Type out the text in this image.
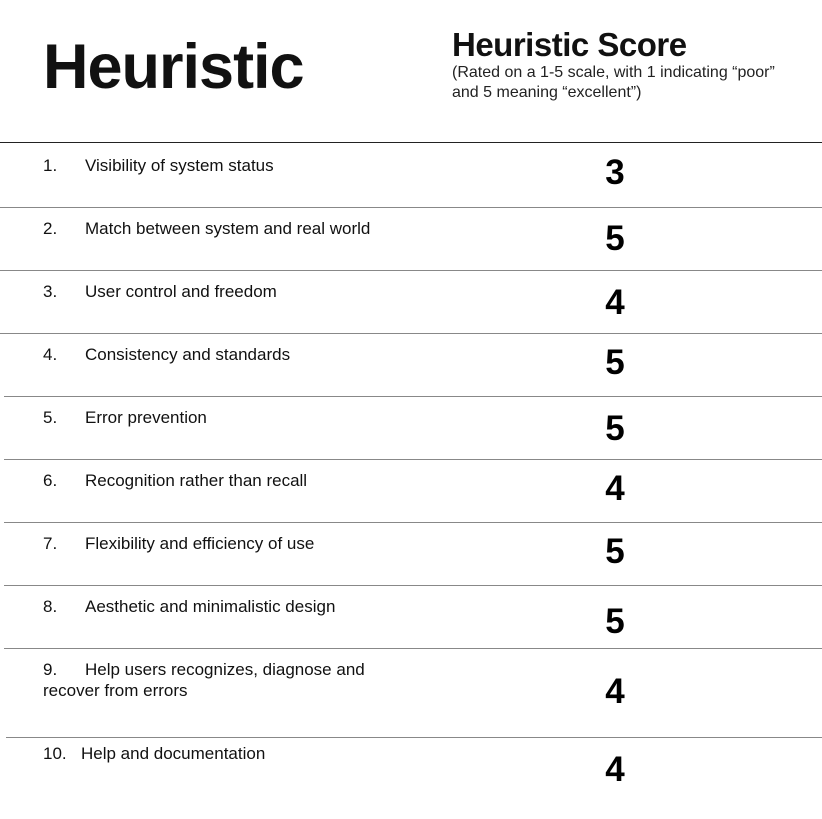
Heuristic	Heuristic Score
(Rated on a 1-5 scale, with 1 indicating “poor” and 5 meaning “excellent”)
1. Visibility of system status	3
2. Match between system and real world	5
3. User control and freedom	4
4. Consistency and standards	5
5. Error prevention	5
6. Recognition rather than recall	4
7. Flexibility and efficiency of use	5
8. Aesthetic and minimalistic design	5
9. Help users recognizes, diagnose and recover from errors	4
10. Help and documentation	4
